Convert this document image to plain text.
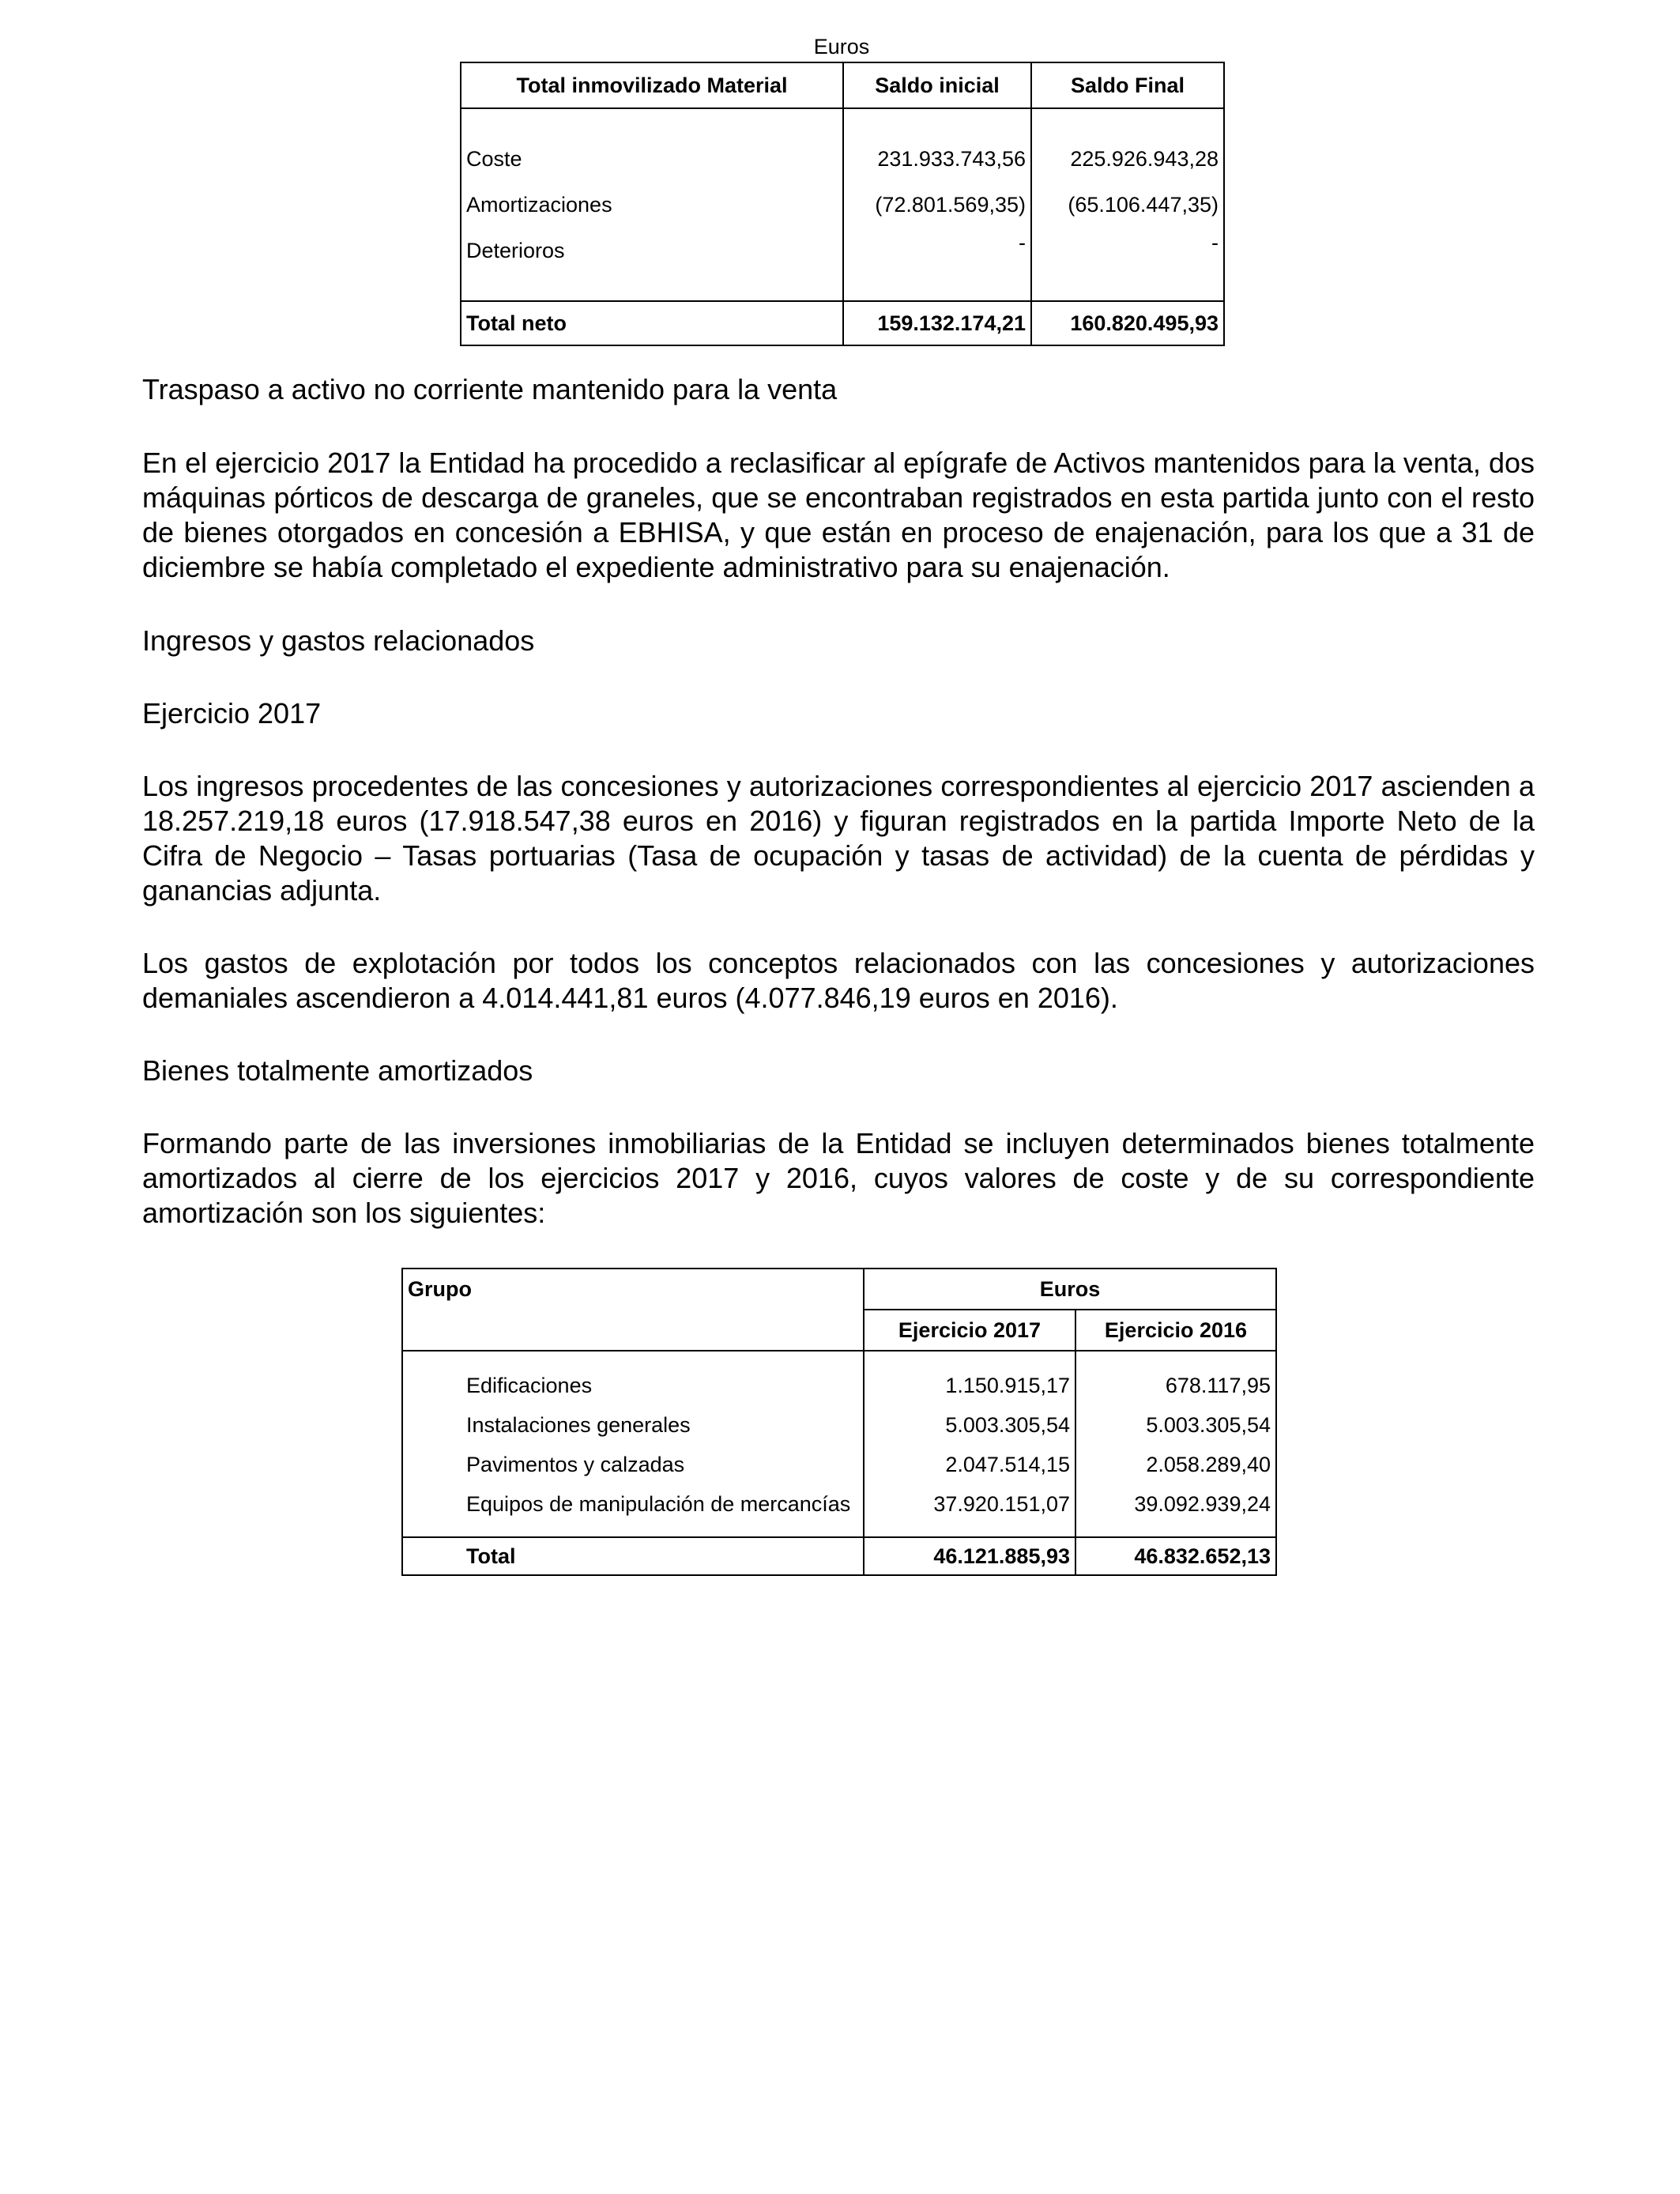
Euros
Total inmovilizado Material	Saldo inicial	Saldo Final

Coste	231.933.743,56	225.926.943,28
Amortizaciones	(72.801.569,35)	(65.106.447,35)
Deterioros	-	-

Total neto	159.132.174,21	160.820.495,93
Traspaso a activo no corriente mantenido para la venta
En el ejercicio 2017 la Entidad ha procedido a reclasificar al epígrafe de Activos mantenidos para la venta, dos máquinas pórticos de descarga de graneles, que se encontraban registrados en esta partida junto con el resto de bienes otorgados en concesión a EBHISA, y que están en proceso de enajenación, para los que a 31 de diciembre se había completado el expediente administrativo para su enajenación.
Ingresos y gastos relacionados
Ejercicio 2017
Los ingresos procedentes de las concesiones y autorizaciones correspondientes al ejercicio 2017 ascienden a 18.257.219,18 euros (17.918.547,38 euros en 2016) y figuran registrados en la partida Importe Neto de la Cifra de Negocio – Tasas portuarias (Tasa de ocupación y tasas de actividad) de la cuenta de pérdidas y ganancias adjunta.
Los gastos de explotación por todos los conceptos relacionados con las concesiones y autorizaciones demaniales ascendieron a 4.014.441,81 euros (4.077.846,19 euros en 2016).
Bienes totalmente amortizados
Formando parte de las inversiones inmobiliarias de la Entidad se incluyen determinados bienes totalmente amortizados al cierre de los ejercicios 2017 y 2016, cuyos valores de coste y de su correspondiente amortización son los siguientes:
Grupo	Euros	
	Ejercicio 2017	Ejercicio 2016

Edificaciones	1.150.915,17	678.117,95
Instalaciones generales	5.003.305,54	5.003.305,54
Pavimentos y calzadas	2.047.514,15	2.058.289,40
Equipos de manipulación de mercancías	37.920.151,07	39.092.939,24

Total	46.121.885,93	46.832.652,13
